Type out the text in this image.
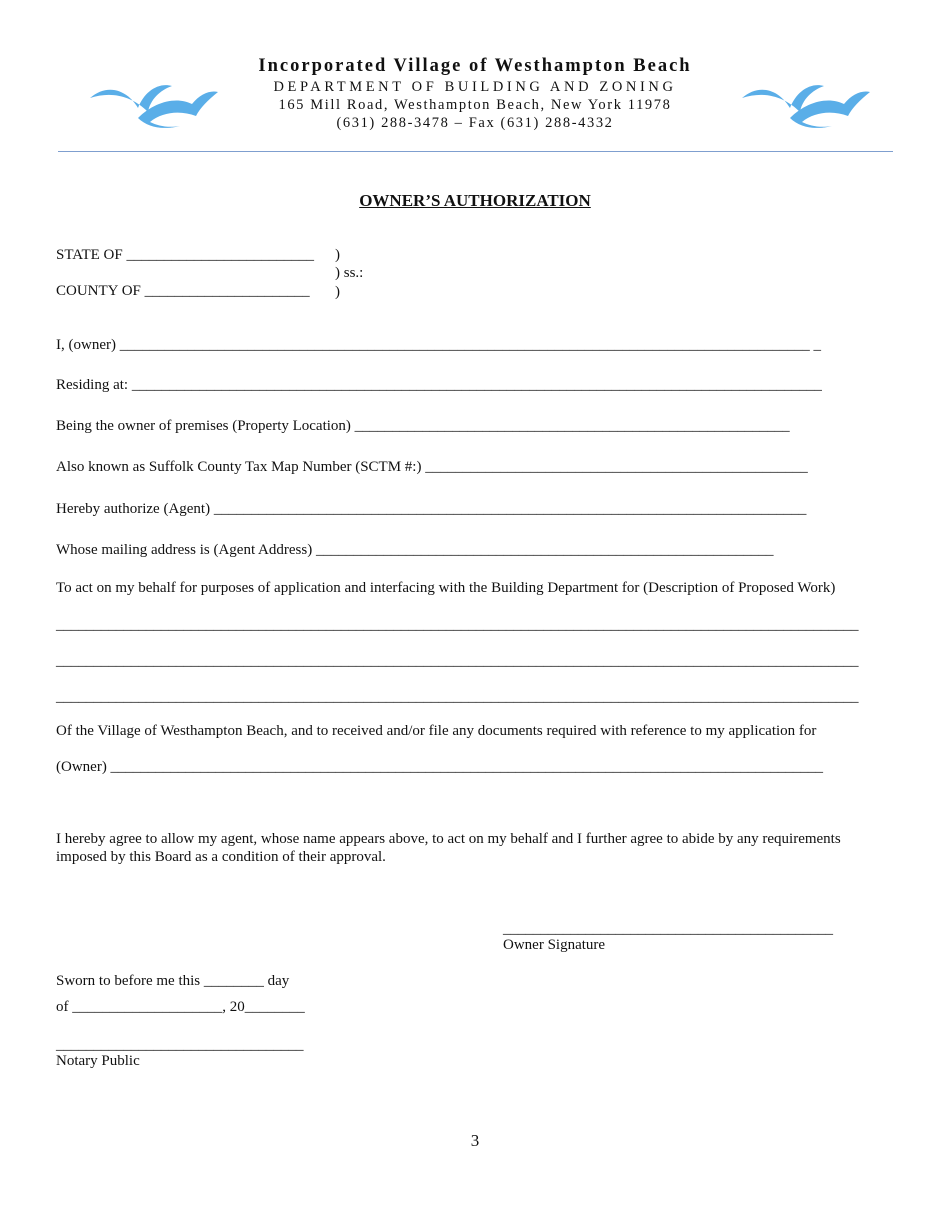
Incorporated Village of Westhampton Beach
DEPARTMENT OF BUILDING AND ZONING
165 Mill Road, Westhampton Beach, New York 11978
(631) 288-3478 – Fax (631) 288-4332
OWNER’S AUTHORIZATION
STATE OF _________________________ )
) ss.:
COUNTY OF ______________________ )
I, (owner) ____________________________________________________________________________________________ _
Residing at: ____________________________________________________________________________________________
Being the owner of premises (Property Location) __________________________________________________________
Also known as Suffolk County Tax Map Number (SCTM #:) ___________________________________________________
Hereby authorize (Agent) _______________________________________________________________________________
Whose mailing address is (Agent Address) _____________________________________________________________
To act on my behalf for purposes of application and interfacing with the Building Department for (Description of Proposed Work)
___________________________________________________________________________________________________________
___________________________________________________________________________________________________________
___________________________________________________________________________________________________________
Of the Village of Westhampton Beach, and to received and/or file any documents required with reference to my application for
(Owner) _______________________________________________________________________________________________
I hereby agree to allow my agent, whose name appears above, to act on my behalf and I further agree to abide by any requirements imposed by this Board as a condition of their approval.
____________________________________________
Owner Signature
Sworn to before me this ________ day
of ____________________, 20________
_________________________________
Notary Public
3
